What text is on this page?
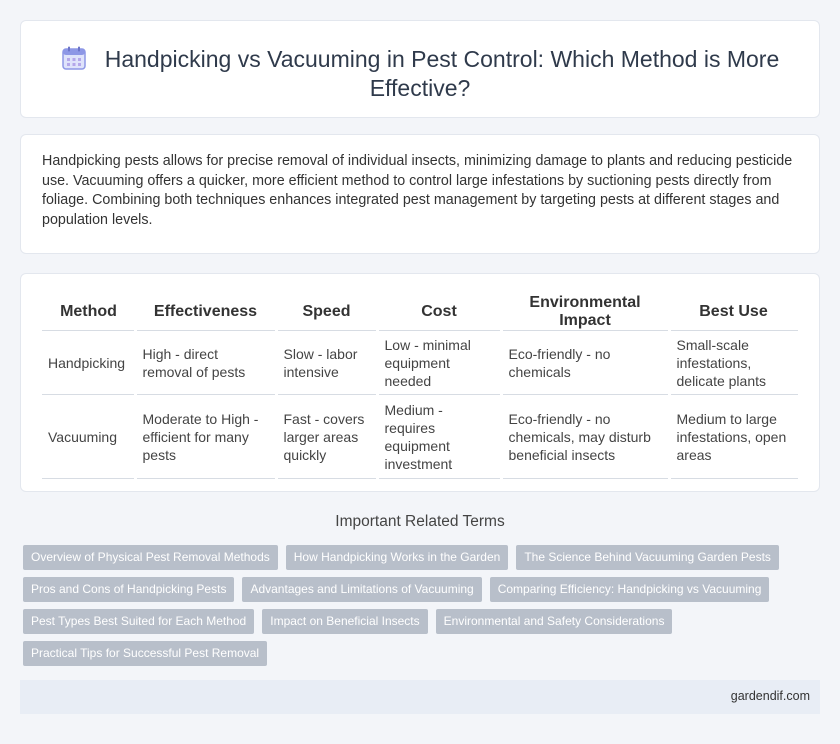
Handpicking vs Vacuuming in Pest Control: Which Method is More Effective?

Handpicking pests allows for precise removal of individual insects, minimizing damage to plants and reducing pesticide use. Vacuuming offers a quicker, more efficient method to control large infestations by suctioning pests directly from foliage. Combining both techniques enhances integrated pest management by targeting pests at different stages and population levels.

Method	Effectiveness	Speed	Cost	Environmental Impact	Best Use
Handpicking	High - direct removal of pests	Slow - labor intensive	Low - minimal equipment needed	Eco-friendly - no chemicals	Small-scale infestations, delicate plants
Vacuuming	Moderate to High - efficient for many pests	Fast - covers larger areas quickly	Medium - requires equipment investment	Eco-friendly - no chemicals, may disturb beneficial insects	Medium to large infestations, open areas
Important Related Terms
Overview of Physical Pest Removal Methods	How Handpicking Works in the Garden	The Science Behind Vacuuming Garden Pests
Pros and Cons of Handpicking Pests	Advantages and Limitations of Vacuuming	Comparing Efficiency: Handpicking vs Vacuuming
Pest Types Best Suited for Each Method	Impact on Beneficial Insects	Environmental and Safety Considerations
Practical Tips for Successful Pest Removal
gardendif.com
